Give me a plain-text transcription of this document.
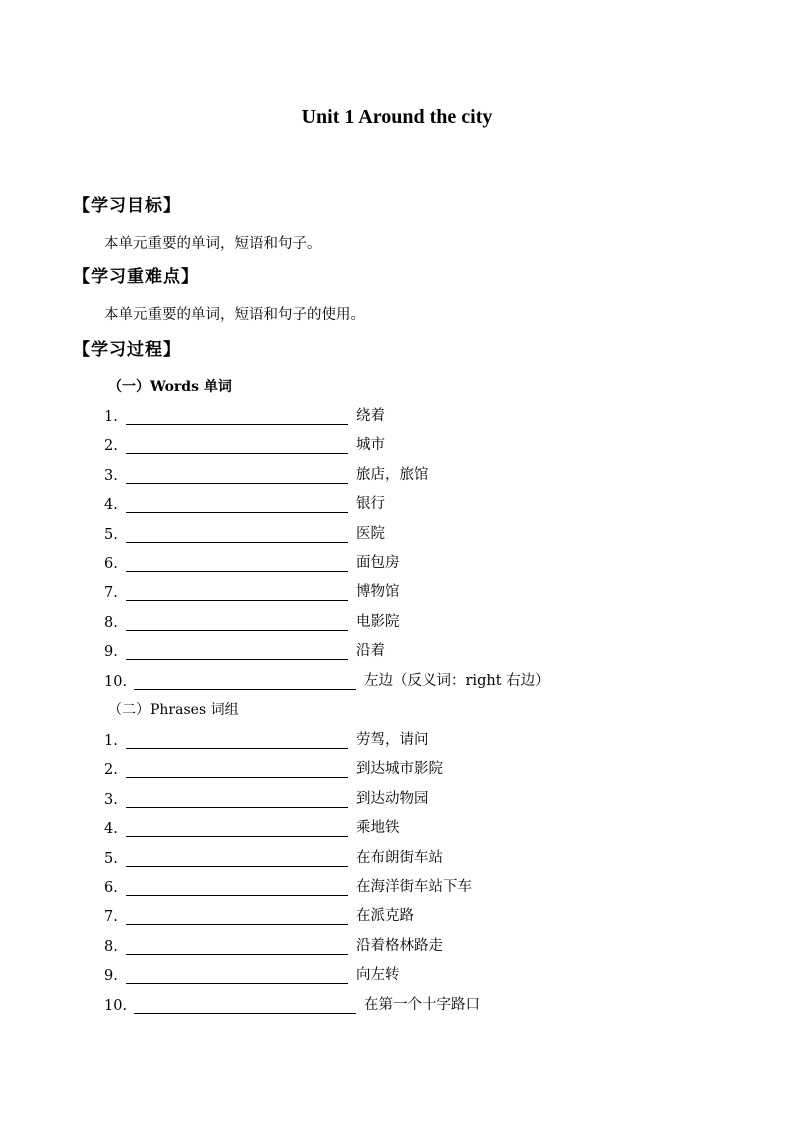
Unit 1 Around the city
【学习目标】
本单元重要的单词，短语和句子。
【学习重难点】
本单元重要的单词，短语和句子的使用。
【学习过程】
（一）Words 单词
1.	绕着
2.	城市
3.	旅店，旅馆
4.	银行
5.	医院
6.	面包房
7.	博物馆
8.	电影院
9.	沿着
10.	左边（反义词：right 右边）
（二）Phrases 词组
1.	劳驾，请问
2.	到达城市影院
3.	到达动物园
4.	乘地铁
5.	在布朗街车站
6.	在海洋街车站下车
7.	在派克路
8.	沿着格林路走
9.	向左转
10.	在第一个十字路口
